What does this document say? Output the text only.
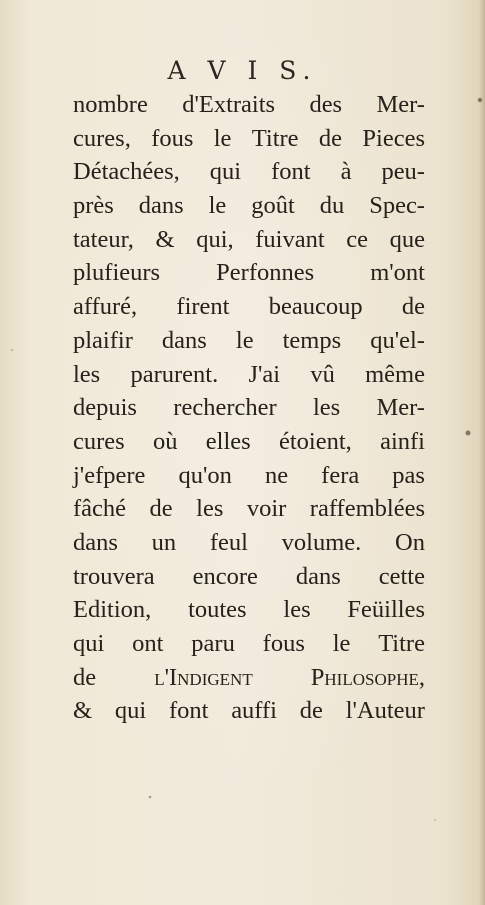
A V I S.
nombre d'Extraits des Mer-
cures, fous le Titre de Pieces
Détachées, qui font à peu-
près dans le goût du Spec-
tateur, & qui, fuivant ce que
plufieurs Perfonnes m'ont
affuré, firent beaucoup de
plaifir dans le temps qu'el-
les parurent. J'ai vû même
depuis rechercher les Mer-
cures où elles étoient, ainfi
j'efpere qu'on ne fera pas
fâché de les voir raffemblées
dans un feul volume. On
trouvera encore dans cette
Edition, toutes les Feüilles
qui ont paru fous le Titre
de l'Indigent Philosophe,
& qui font auffi de l'Auteur
